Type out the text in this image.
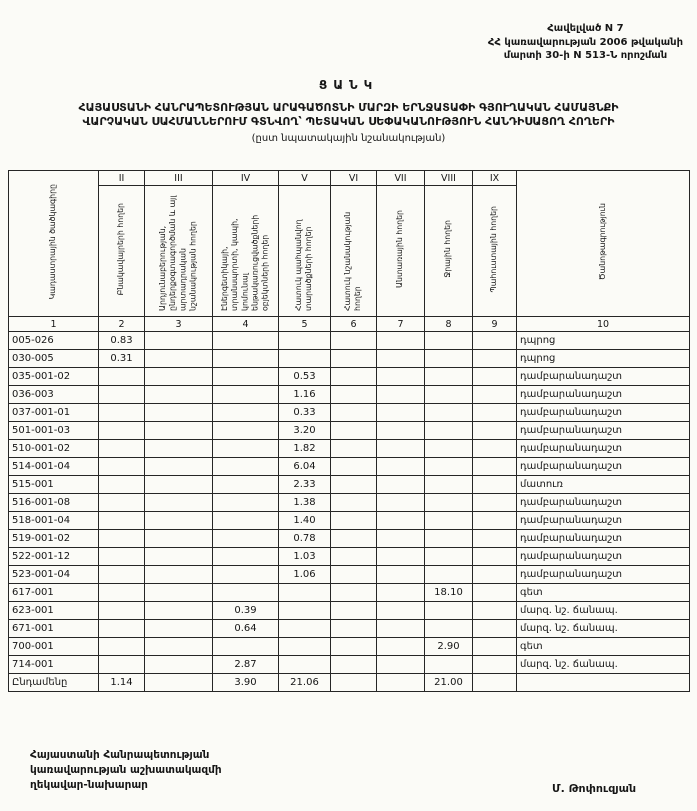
Հավելված N 7
ՀՀ կառավարության 2006 թվականի
մարտի 30-ի N 513-Ն որոշման
ՑԱՆԿ
ՀԱՅԱՍՏԱՆԻ ՀԱՆՐԱՊԵՏՈՒԹՅԱՆ ԱՐԱԳԱԾՈՏՆԻ ՄԱՐԶԻ ԵՐՆՋԱՏԱՓԻ ԳՅՈՒՂԱԿԱՆ ՀԱՄԱՅՆՔԻ
ՎԱՐՉԱԿԱՆ ՍԱՀՄԱՆՆԵՐՈՒՄ ԳՏՆՎՈՂ՝ ՊԵՏԱԿԱՆ ՍԵՓԱԿԱՆՈՒԹՅՈՒՆ ՀԱՆԴԻՍԱՑՈՂ ՀՈՂԵՐԻ
(ըստ նպատակային նշանակության)
Կադաստրային ծածկագիրը	II	III	IV	V	VI	VII	VIII	IX	Ծանոթագրություն
	Բնակավայրերի հողեր	Արդյունաբերության, ընդերքօգտագործման և այլ արտադրական նշանակության հողեր	Էներգետիկայի, տրանսպորտի, կապի, կոմունալ ենթակառուցվածքների օբյեկտների հողեր	Հատուկ պահպանվող տարածքների հողեր	Հատուկ նշանակության հողեր	Անտառային հողեր	Ջրային հողեր	Պահուստային հողեր	
1	2	3	4	5	6	7	8	9	10
005-026	0.83								դպրոց
030-005	0.31								դպրոց
035-001-02				0.53					դամբարանադաշտ
036-003				1.16					դամբարանադաշտ
037-001-01				0.33					դամբարանադաշտ
501-001-03				3.20					դամբարանադաշտ
510-001-02				1.82					դամբարանադաշտ
514-001-04				6.04					դամբարանադաշտ
515-001				2.33					մատուռ
516-001-08				1.38					դամբարանադաշտ
518-001-04				1.40					դամբարանադաշտ
519-001-02				0.78					դամբարանադաշտ
522-001-12				1.03					դամբարանադաշտ
523-001-04				1.06					դամբարանադաշտ
617-001							18.10		գետ
623-001			0.39						մարզ. նշ. ճանապ.
671-001			0.64						մարզ. նշ. ճանապ.
700-001							2.90		գետ
714-001			2.87						մարզ. նշ. ճանապ.
Ընդամենը	1.14		3.90	21.06			21.00		
Հայաստանի Հանրապետության
կառավարության աշխատակազմի
ղեկավար-նախարար	Մ. Թոփուզյան
